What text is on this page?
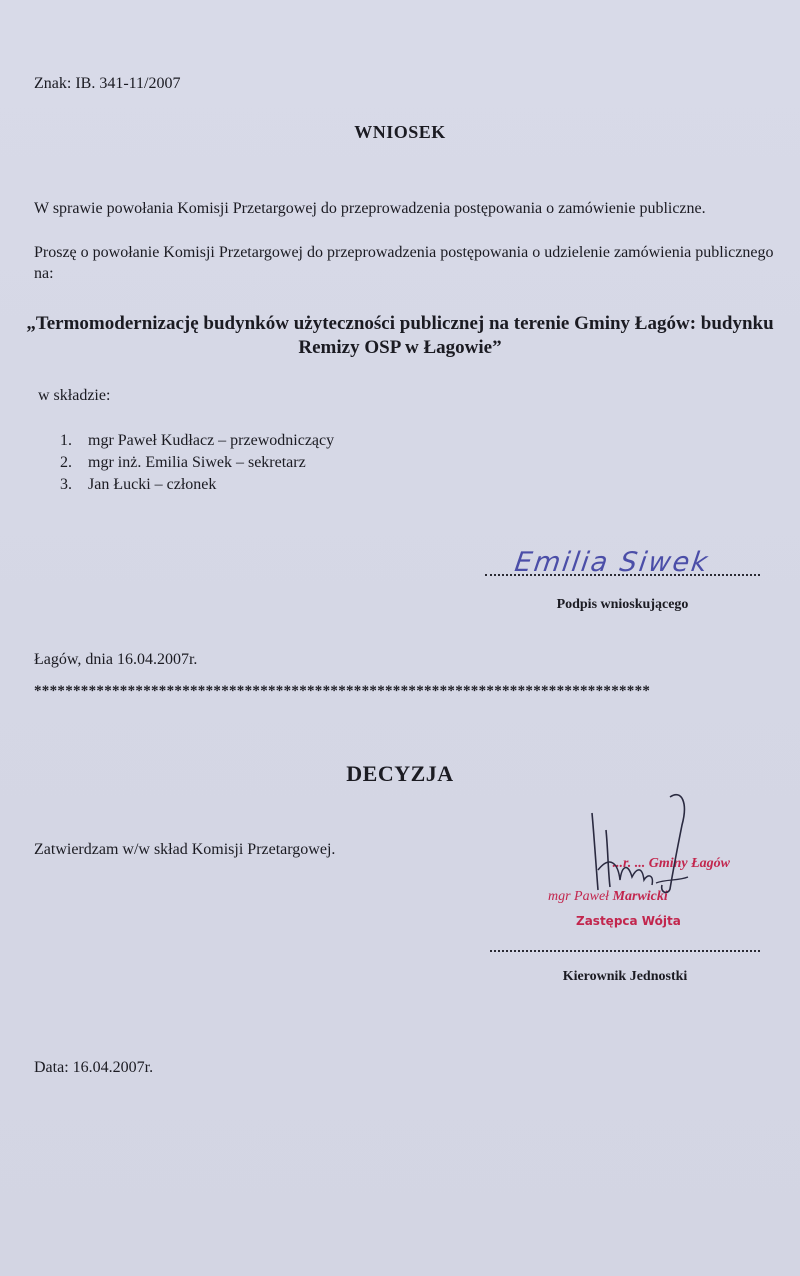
Znak: IB. 341-11/2007
WNIOSEK
W sprawie powołania Komisji Przetargowej do przeprowadzenia postępowania o zamówienie publiczne.
Proszę o powołanie Komisji Przetargowej do przeprowadzenia postępowania o udzielenie zamówienia publicznego na:
„Termomodernizację budynków użyteczności publicznej na terenie Gminy Łagów: budynku Remizy OSP w Łagowie”
w składzie:
1.	mgr Paweł Kudłacz – przewodniczący
2.	mgr inż. Emilia Siwek – sekretarz
3.	Jan Łucki – członek
Emilia Siwek
Podpis wnioskującego
Łagów, dnia 16.04.2007r.
*******************************************************************************
DECYZJA
Zatwierdzam w/w skład Komisji Przetargowej.
...r. ... Gminy Łagów
mgr Paweł Marwicki
Zastępca Wójta
Kierownik Jednostki
Data: 16.04.2007r.
